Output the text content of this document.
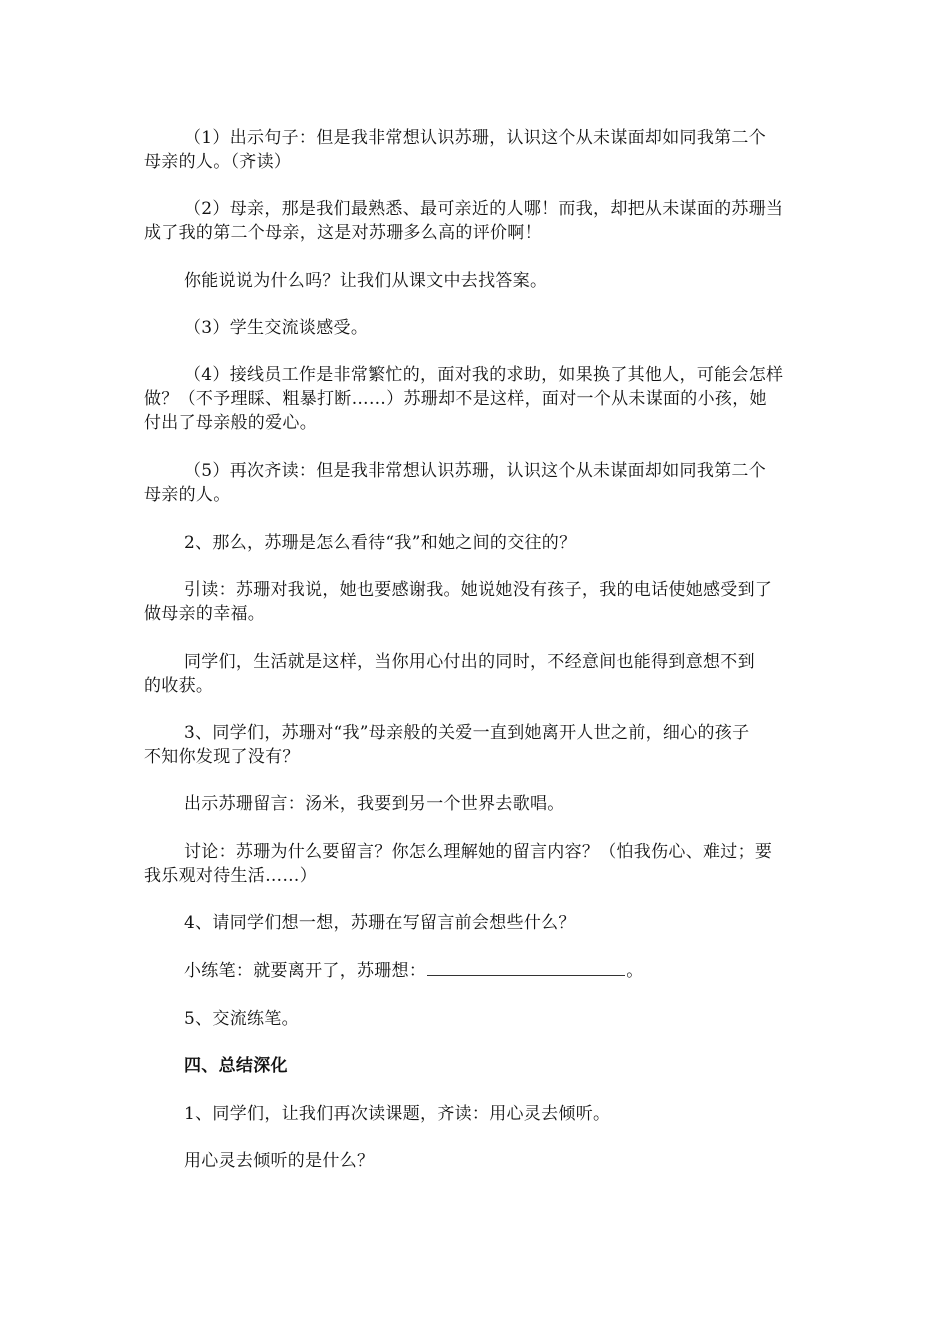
（1）出示句子：但是我非常想认识苏珊，认识这个从未谋面却如同我第二个
母亲的人。（齐读）

（2）母亲，那是我们最熟悉、最可亲近的人哪！而我，却把从未谋面的苏珊当
成了我的第二个母亲，这是对苏珊多么高的评价啊！

你能说说为什么吗？让我们从课文中去找答案。

（3）学生交流谈感受。

（4）接线员工作是非常繁忙的，面对我的求助，如果换了其他人，可能会怎样
做？（不予理睬、粗暴打断……）苏珊却不是这样，面对一个从未谋面的小孩，她
付出了母亲般的爱心。

（5）再次齐读：但是我非常想认识苏珊，认识这个从未谋面却如同我第二个
母亲的人。

2、那么，苏珊是怎么看待“我”和她之间的交往的？

引读：苏珊对我说，她也要感谢我。她说她没有孩子，我的电话使她感受到了
做母亲的幸福。

同学们，生活就是这样，当你用心付出的同时，不经意间也能得到意想不到
的收获。

3、同学们，苏珊对“我”母亲般的关爱一直到她离开人世之前，细心的孩子
不知你发现了没有？

出示苏珊留言：汤米，我要到另一个世界去歌唱。

讨论：苏珊为什么要留言？你怎么理解她的留言内容？（怕我伤心、难过；要
我乐观对待生活……）

4、请同学们想一想，苏珊在写留言前会想些什么？

小练笔：就要离开了，苏珊想：	。

5、交流练笔。

四、总结深化

1、同学们，让我们再次读课题，齐读：用心灵去倾听。

用心灵去倾听的是什么？
